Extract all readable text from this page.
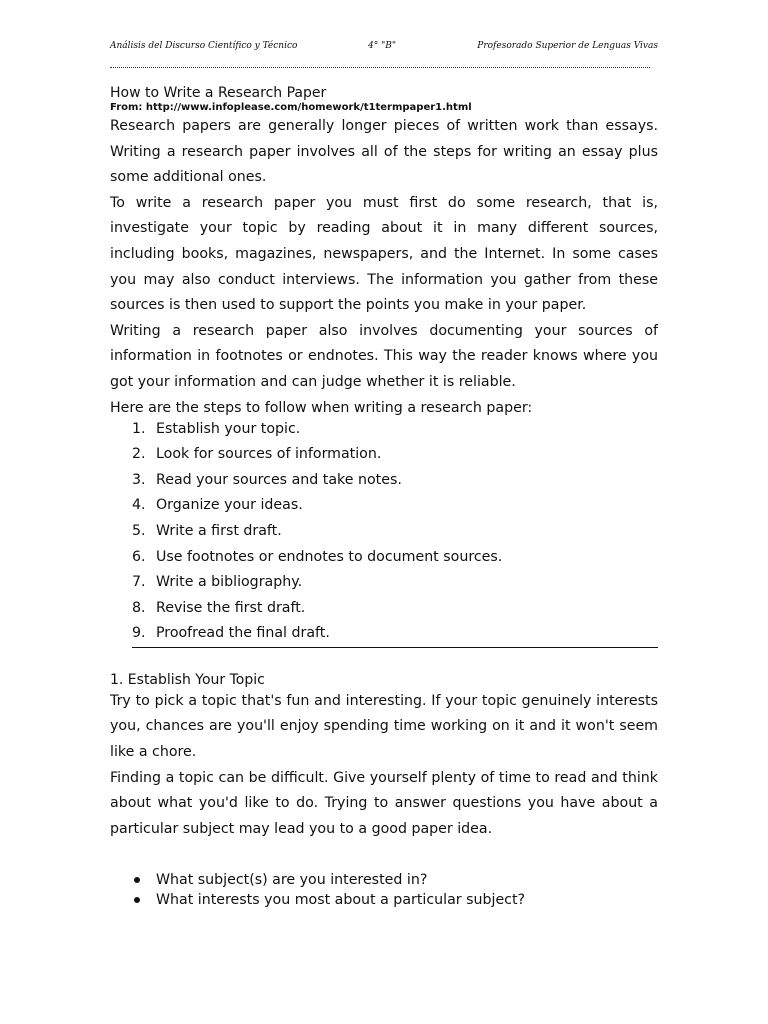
Análisis del Discurso Científico y Técnico	4° "B"	Profesorado Superior de Lenguas Vivas
How to Write a Research Paper

From: http://www.infoplease.com/homework/t1termpaper1.html

Research papers are generally longer pieces of written work than essays. Writing a research paper involves all of the steps for writing an essay plus some additional ones.

To write a research paper you must first do some research, that is, investigate your topic by reading about it in many different sources, including books, magazines, newspapers, and the Internet. In some cases you may also conduct interviews. The information you gather from these sources is then used to support the points you make in your paper.

Writing a research paper also involves documenting your sources of information in footnotes or endnotes. This way the reader knows where you got your information and can judge whether it is reliable.

Here are the steps to follow when writing a research paper:

1. Establish your topic.
2. Look for sources of information.
3. Read your sources and take notes.
4. Organize your ideas.
5. Write a first draft.
6. Use footnotes or endnotes to document sources.
7. Write a bibliography.
8. Revise the first draft.
9. Proofread the final draft.
1. Establish Your Topic

Try to pick a topic that's fun and interesting. If your topic genuinely interests you, chances are you'll enjoy spending time working on it and it won't seem like a chore.

Finding a topic can be difficult. Give yourself plenty of time to read and think about what you'd like to do. Trying to answer questions you have about a particular subject may lead you to a good paper idea.

What subject(s) are you interested in?
What interests you most about a particular subject?
